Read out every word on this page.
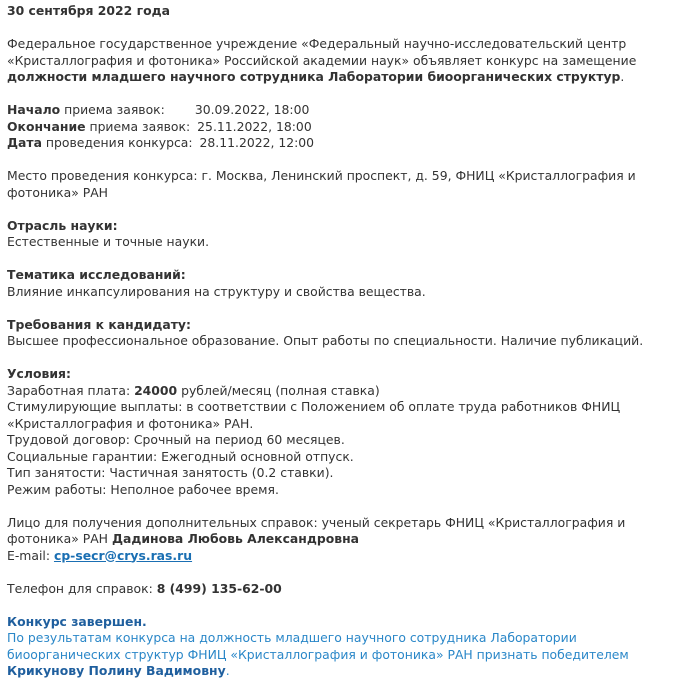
30 сентября 2022 года

Федеральное государственное учреждение «Федеральный научно-исследовательский центр «Кристаллография и фотоника» Российской академии наук» объявляет конкурс на замещение должности младшего научного сотрудника Лаборатории биоорганических структур.

Начало приема заявок: 30.09.2022, 18:00

Окончание приема заявок: 25.11.2022, 18:00

Дата проведения конкурса: 28.11.2022, 12:00

Место проведения конкурса: г. Москва, Ленинский проспект, д. 59, ФНИЦ «Кристаллография и фотоника» РАН

Отрасль науки:

Естественные и точные науки.

Тематика исследований:

Влияние инкапсулирования на структуру и свойства вещества.

Требования к кандидату:

Высшее профессиональное образование. Опыт работы по специальности. Наличие публикаций.

Условия:

Заработная плата: 24000 рублей/месяц (полная ставка)

Стимулирующие выплаты: в соответствии с Положением об оплате труда работников ФНИЦ «Кристаллография и фотоника» РАН.

Трудовой договор: Срочный на период 60 месяцев.

Социальные гарантии: Ежегодный основной отпуск.

Тип занятости: Частичная занятость (0.2 ставки).

Режим работы: Неполное рабочее время.

Лицо для получения дополнительных справок: ученый секретарь ФНИЦ «Кристаллография и фотоника» РАН Дадинова Любовь Александровна

E-mail: cp-secr@crys.ras.ru

Телефон для справок: 8 (499) 135-62-00

Конкурс завершен.

По результатам конкурса на должность младшего научного сотрудника Лаборатории биоорганических структур ФНИЦ «Кристаллография и фотоника» РАН признать победителем Крикунову Полину Вадимовну.
